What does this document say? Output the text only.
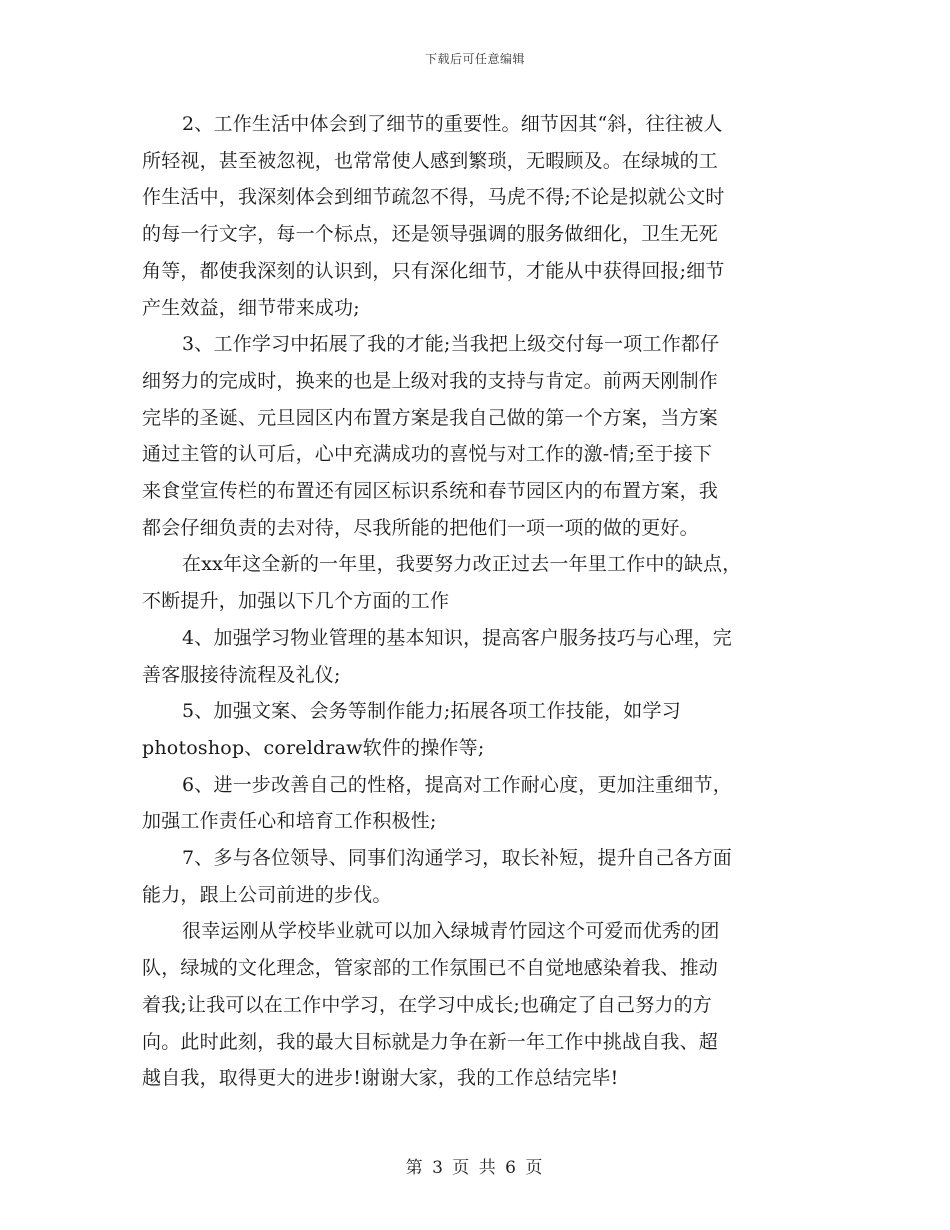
下载后可任意编辑

2、工作生活中体会到了细节的重要性。细节因其“斜，往往被人
所轻视，甚至被忽视，也常常使人感到繁琐，无暇顾及。在绿城的工
作生活中，我深刻体会到细节疏忽不得，马虎不得;不论是拟就公文时
的每一行文字，每一个标点，还是领导强调的服务做细化，卫生无死
角等，都使我深刻的认识到，只有深化细节，才能从中获得回报;细节
产生效益，细节带来成功;

3、工作学习中拓展了我的才能;当我把上级交付每一项工作都仔
细努力的完成时，换来的也是上级对我的支持与肯定。前两天刚制作
完毕的圣诞、元旦园区内布置方案是我自己做的第一个方案，当方案
通过主管的认可后，心中充满成功的喜悦与对工作的激-情;至于接下
来食堂宣传栏的布置还有园区标识系统和春节园区内的布置方案，我
都会仔细负责的去对待，尽我所能的把他们一项一项的做的更好。

在xx年这全新的一年里，我要努力改正过去一年里工作中的缺点，
不断提升，加强以下几个方面的工作

4、加强学习物业管理的基本知识，提高客户服务技巧与心理，完
善客服接待流程及礼仪;

5、加强文案、会务等制作能力;拓展各项工作技能，如学习
photoshop、coreldraw软件的操作等;

6、进一步改善自己的性格，提高对工作耐心度，更加注重细节，
加强工作责任心和培育工作积极性;

7、多与各位领导、同事们沟通学习，取长补短，提升自己各方面
能力，跟上公司前进的步伐。

很幸运刚从学校毕业就可以加入绿城青竹园这个可爱而优秀的团
队，绿城的文化理念，管家部的工作氛围已不自觉地感染着我、推动
着我;让我可以在工作中学习，在学习中成长;也确定了自己努力的方
向。此时此刻，我的最大目标就是力争在新一年工作中挑战自我、超
越自我，取得更大的进步!谢谢大家，我的工作总结完毕!

第 3 页 共 6 页
